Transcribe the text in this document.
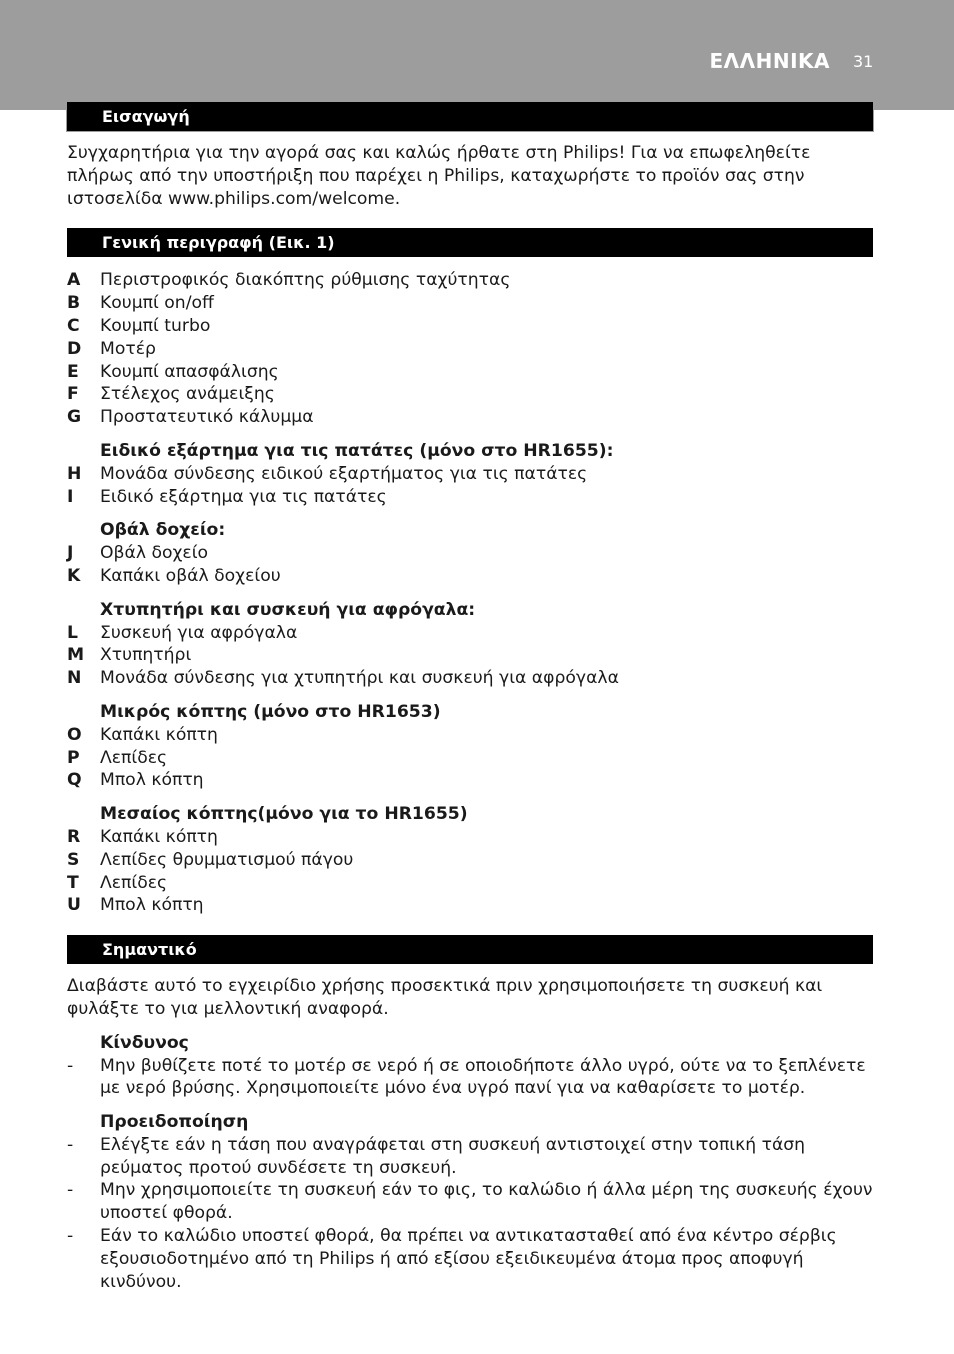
ΕΛΛΗΝΙΚΑ 31
Εισαγωγή

Συγχαρητήρια για την αγορά σας και καλώς ήρθατε στη Philips! Για να επωφεληθείτε πλήρως από την υποστήριξη που παρέχει η Philips, καταχωρήστε το προϊόν σας στην ιστοσελίδα www.philips.com/welcome.

Γενική περιγραφή (Εικ. 1)
A	Περιστροφικός διακόπτης ρύθμισης ταχύτητας
B	Κουμπί on/off
C	Κουμπί turbo
D	Μοτέρ
E	Κουμπί απασφάλισης
F	Στέλεχος ανάμειξης
G	Προστατευτικό κάλυμμα
Ειδικό εξάρτημα για τις πατάτες (μόνο στο HR1655):
H	Μονάδα σύνδεσης ειδικού εξαρτήματος για τις πατάτες
I	Ειδικό εξάρτημα για τις πατάτες
Οβάλ δοχείο:
J	Οβάλ δοχείο
K	Καπάκι οβάλ δοχείου
Χτυπητήρι και συσκευή για αφρόγαλα:
L	Συσκευή για αφρόγαλα
M Χτυπητήρι
N	Μονάδα σύνδεσης για χτυπητήρι και συσκευή για αφρόγαλα
Μικρός κόπτης (μόνο στο HR1653)
O	Καπάκι κόπτη
P	Λεπίδες
Q	Μπολ κόπτη
Μεσαίος κόπτης(μόνο για το HR1655)
R	Καπάκι κόπτη
S	Λεπίδες θρυμματισμού πάγου
T	Λεπίδες
U	Μπολ κόπτη
Σημαντικό

Διαβάστε αυτό το εγχειρίδιο χρήσης προσεκτικά πριν χρησιμοποιήσετε τη συσκευή και φυλάξτε το για μελλοντική αναφορά.

Κίνδυνος
-	Μην βυθίζετε ποτέ το μοτέρ σε νερό ή σε οποιοδήποτε άλλο υγρό, ούτε να το ξεπλένετε με νερό βρύσης. Χρησιμοποιείτε μόνο ένα υγρό πανί για να καθαρίσετε το μοτέρ.
Προειδοποίηση
-	Ελέγξτε εάν η τάση που αναγράφεται στη συσκευή αντιστοιχεί στην τοπική τάση ρεύματος προτού συνδέσετε τη συσκευή.
-	Μην χρησιμοποιείτε τη συσκευή εάν το φις, το καλώδιο ή άλλα μέρη της συσκευής έχουν υποστεί φθορά.
-	Εάν το καλώδιο υποστεί φθορά, θα πρέπει να αντικατασταθεί από ένα κέντρο σέρβις εξουσιοδοτημένο από τη Philips ή από εξίσου εξειδικευμένα άτομα προς αποφυγή κινδύνου.
